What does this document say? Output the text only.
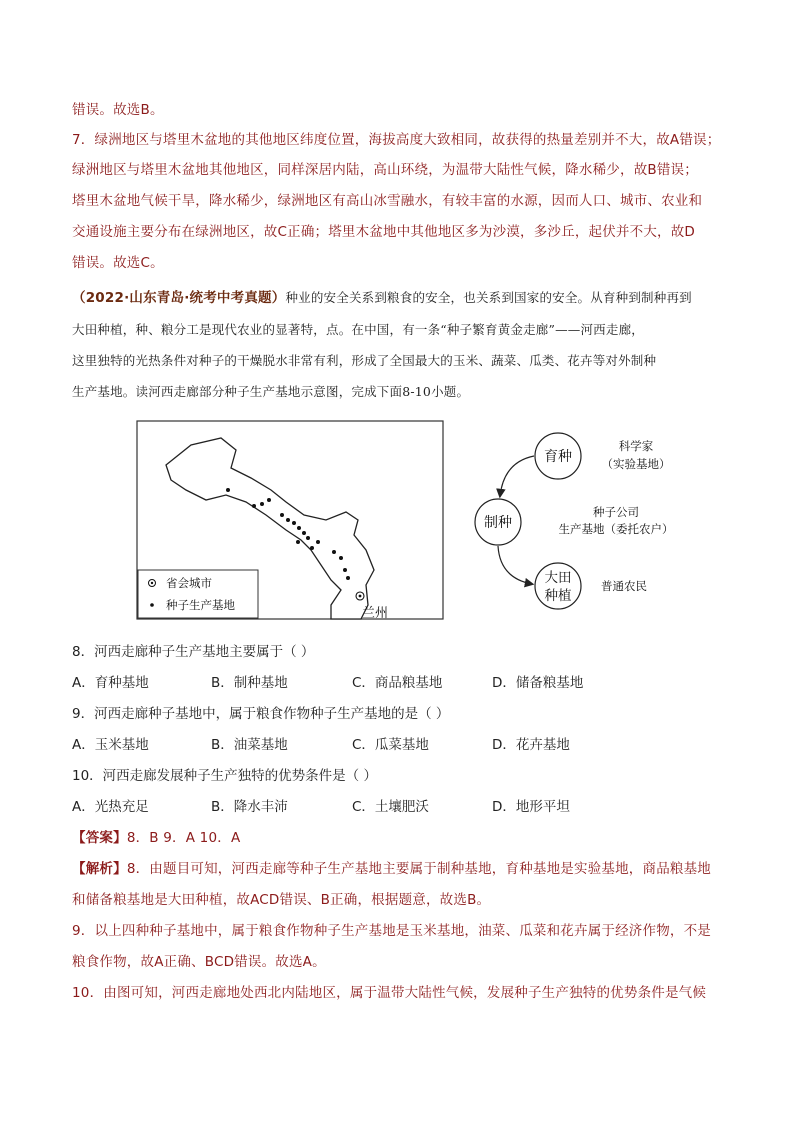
错误。故选B。
7．绿洲地区与塔里木盆地的其他地区纬度位置，海拔高度大致相同，故获得的热量差别并不大，故A错误；
绿洲地区与塔里木盆地其他地区，同样深居内陆，高山环绕，为温带大陆性气候，降水稀少，故B错误；
塔里木盆地气候干旱，降水稀少，绿洲地区有高山冰雪融水，有较丰富的水源，因而人口、城市、农业和
交通设施主要分布在绿洲地区，故C正确；塔里木盆地中其他地区多为沙漠，多沙丘，起伏并不大，故D
错误。故选C。
（2022·山东青岛·统考中考真题）种业的安全关系到粮食的安全，也关系到国家的安全。从育种到制种再到
大田种植，种、粮分工是现代农业的显著特，点。在中国，有一条“种子繁育黄金走廊”——河西走廊，
这里独特的光热条件对种子的干燥脱水非常有利，形成了全国最大的玉米、蔬菜、瓜类、花卉等对外制种
生产基地。读河西走廊部分种子生产基地示意图，完成下面8-10小题。
兰州
省会城市
种子生产基地
育种
制种
大田
种植
科学家
（实验基地）
种子公司
生产基地（委托农户）
普通农民
8．河西走廊种子生产基地主要属于（ ）
A．育种基地	B．制种基地	C．商品粮基地	D．储备粮基地
9．河西走廊种子基地中，属于粮食作物种子生产基地的是（ ）
A．玉米基地	B．油菜基地	C．瓜菜基地	D．花卉基地
10．河西走廊发展种子生产独特的优势条件是（ ）
A．光热充足	B．降水丰沛	C．土壤肥沃	D．地形平坦
【答案】8．B 9．A 10．A
【解析】8．由题目可知，河西走廊等种子生产基地主要属于制种基地，育种基地是实验基地，商品粮基地
和储备粮基地是大田种植，故ACD错误、B正确，根据题意，故选B。
9．以上四种种子基地中，属于粮食作物种子生产基地是玉米基地，油菜、瓜菜和花卉属于经济作物，不是
粮食作物，故A正确、BCD错误。故选A。
10．由图可知，河西走廊地处西北内陆地区，属于温带大陆性气候，发展种子生产独特的优势条件是气候
